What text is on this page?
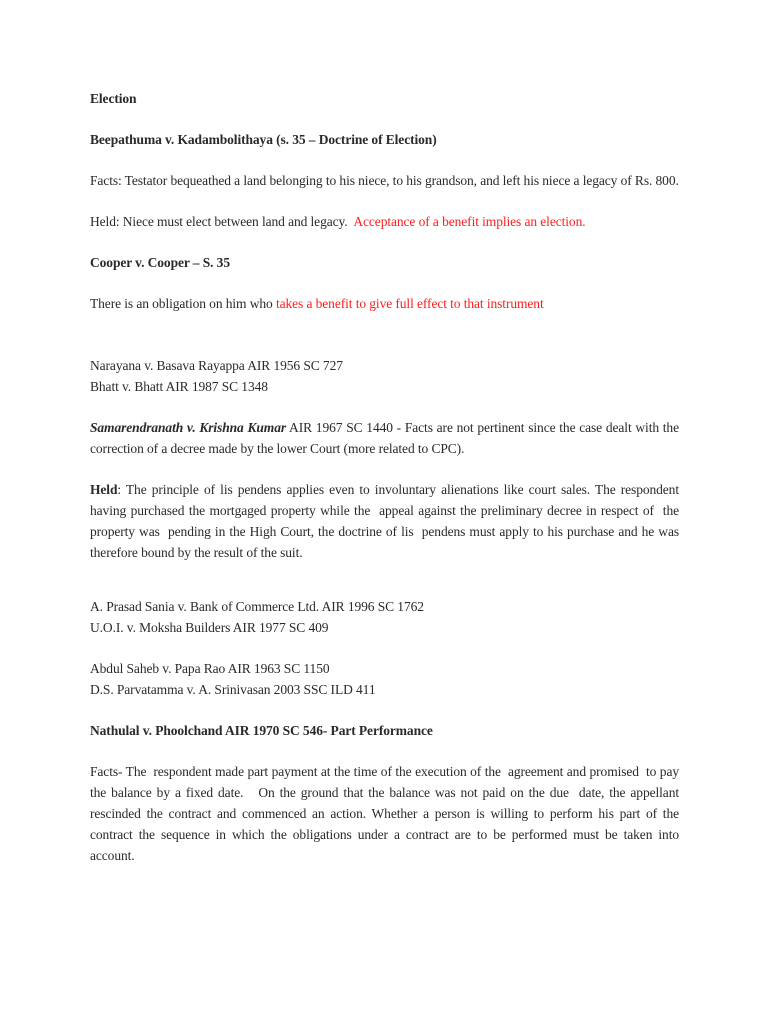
Election

Beepathuma v. Kadambolithaya (s. 35 – Doctrine of Election)

Facts: Testator bequeathed a land belonging to his niece, to his grandson, and left his niece a legacy of Rs. 800.

Held: Niece must elect between land and legacy.  Acceptance of a benefit implies an election.

Cooper v. Cooper – S. 35

There is an obligation on him who takes a benefit to give full effect to that instrument

Narayana v. Basava Rayappa AIR 1956 SC 727
Bhatt v. Bhatt AIR 1987 SC 1348

Samarendranath v. Krishna Kumar AIR 1967 SC 1440 - Facts are not pertinent since the case dealt with the correction of a decree made by the lower Court (more related to CPC).

Held: The principle of lis pendens applies even to involuntary alienations like court sales. The respondent having purchased the mortgaged property while the  appeal against the preliminary decree in respect of  the  property was  pending in the High Court, the doctrine of lis  pendens must apply to his purchase and he was therefore bound by the result of the suit.

A. Prasad Sania v. Bank of Commerce Ltd. AIR 1996 SC 1762
U.O.I. v. Moksha Builders AIR 1977 SC 409

Abdul Saheb v. Papa Rao AIR 1963 SC 1150
D.S. Parvatamma v. A. Srinivasan 2003 SSC ILD 411

Nathulal v. Phoolchand AIR 1970 SC 546- Part Performance

Facts- The  respondent made part payment at the time of the execution of the  agreement and promised  to pay the balance by a fixed date.   On the ground that the balance was not paid on the due  date, the appellant rescinded the contract and commenced an action. Whether a person is willing to perform his part of the contract the sequence in which the obligations under a contract are to be performed must be taken into account.
